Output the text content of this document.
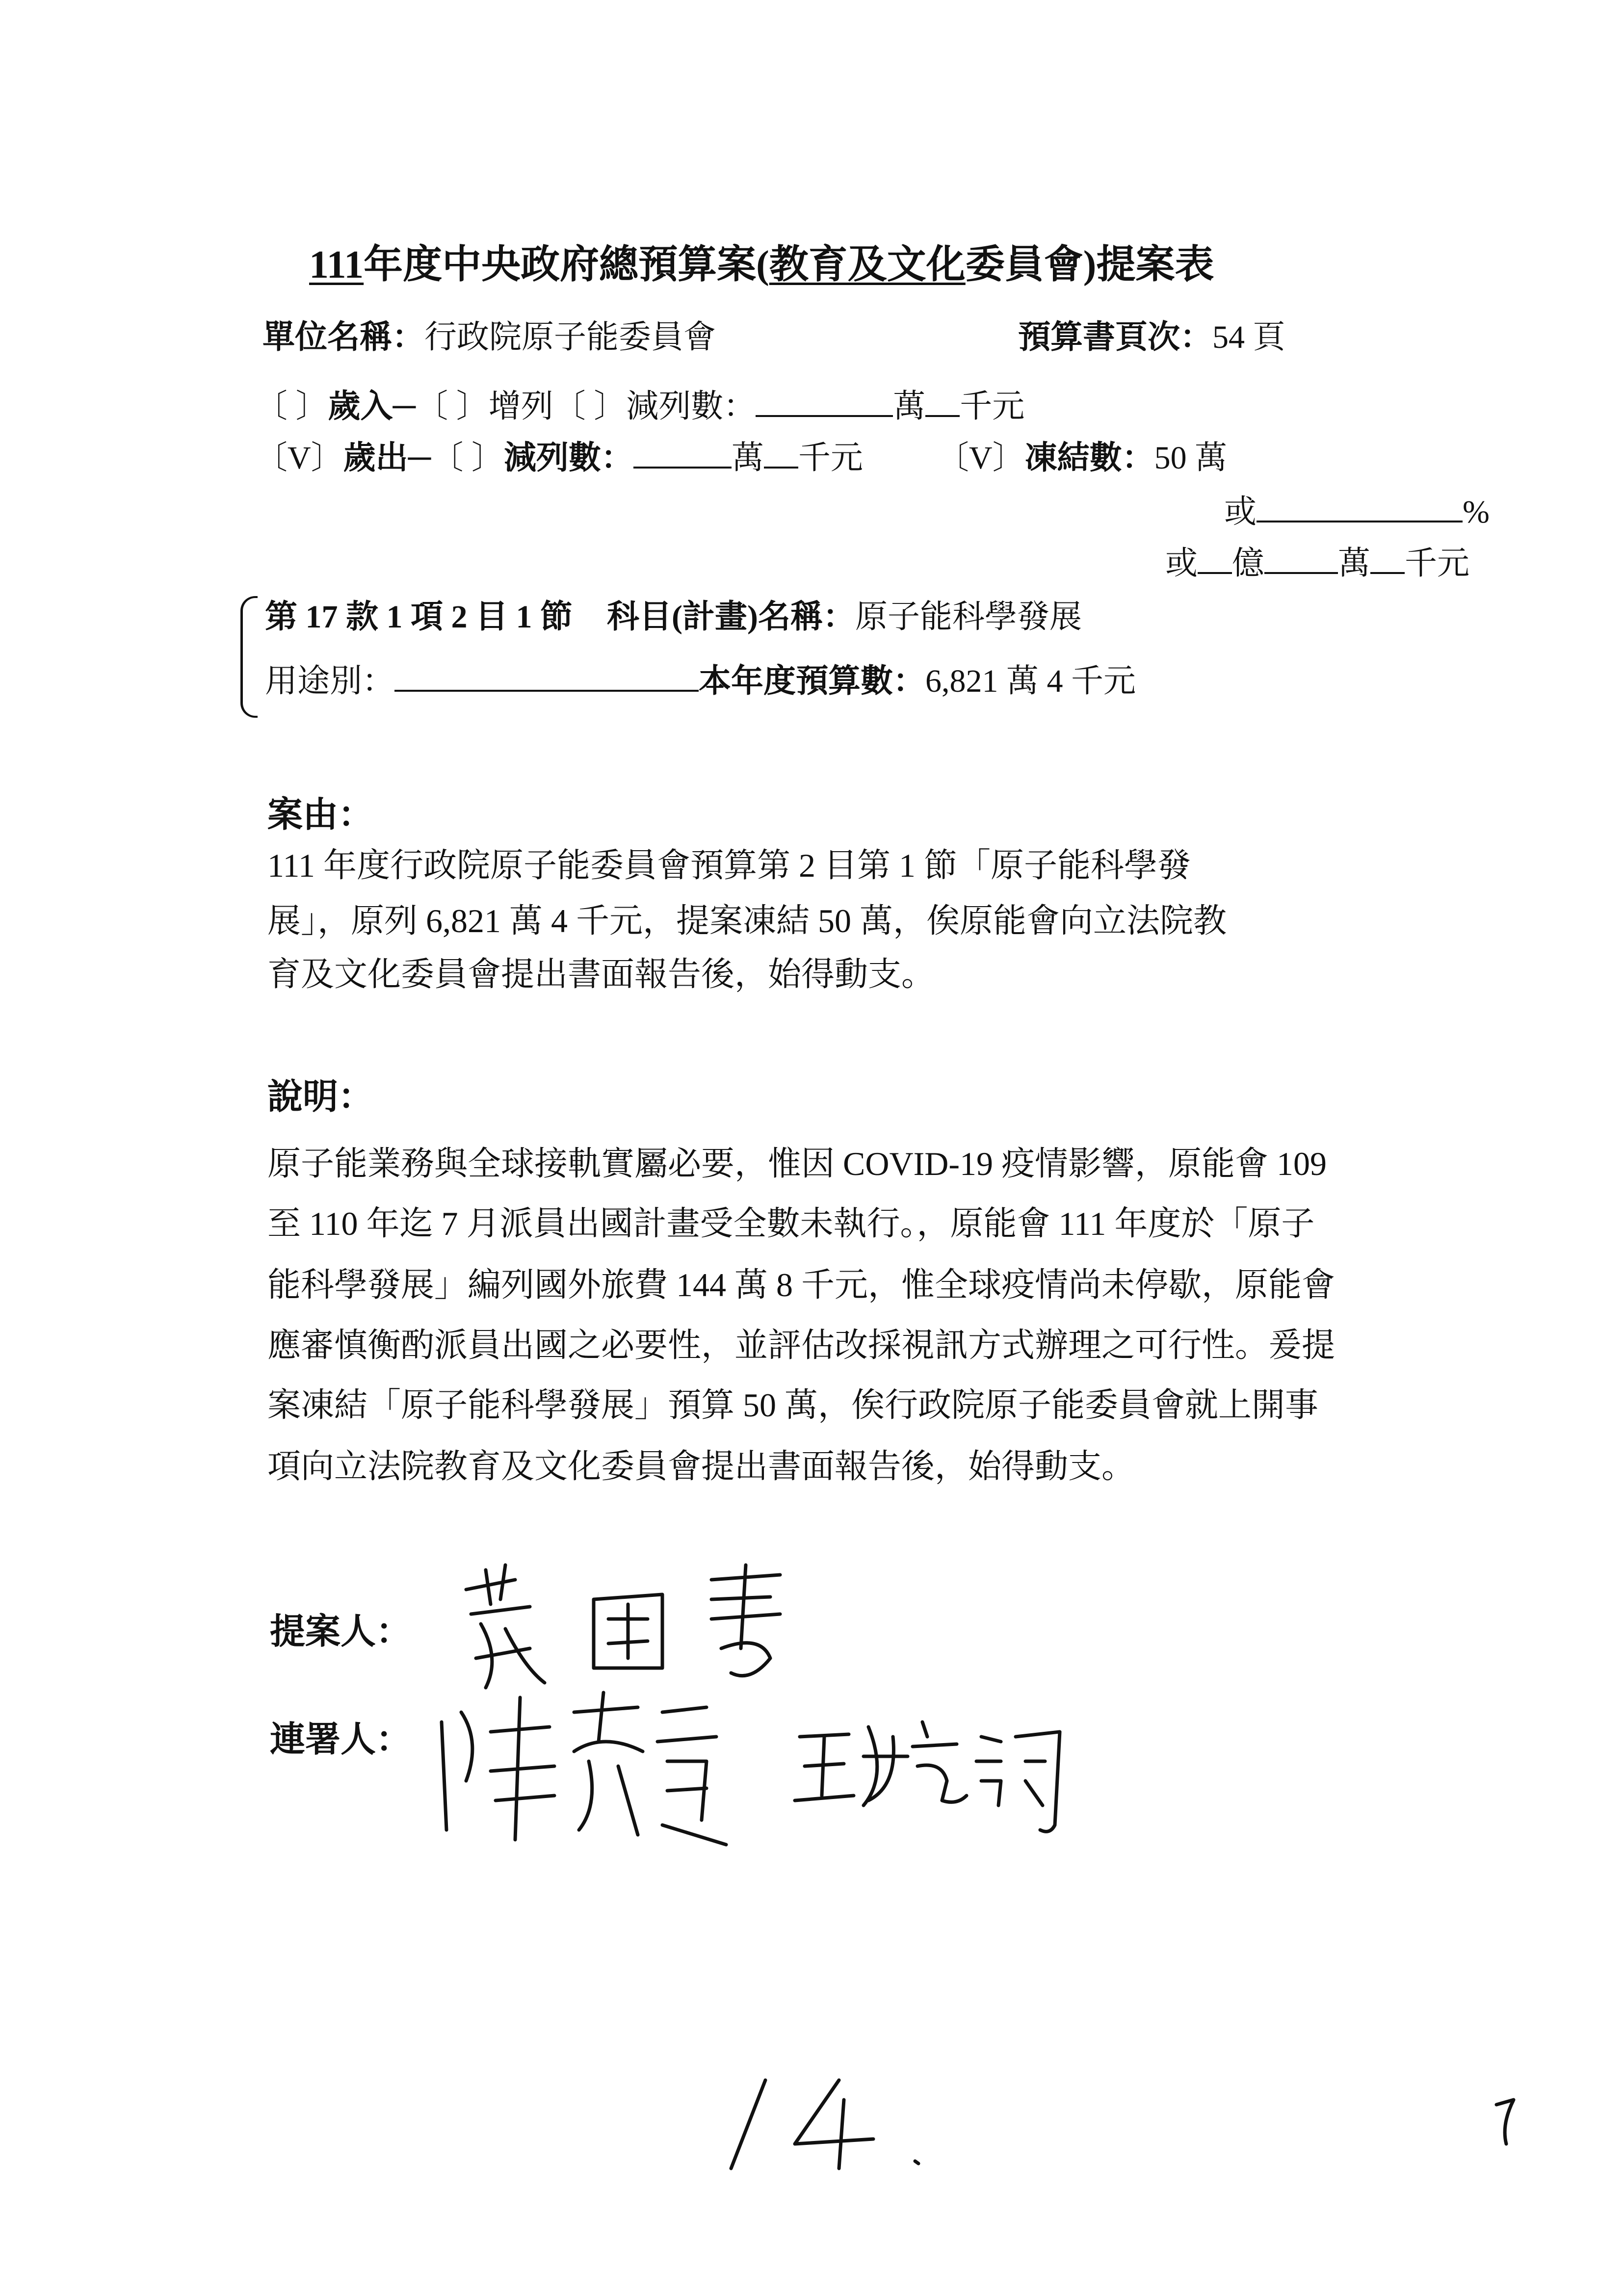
111年度中央政府總預算案(教育及文化委員會)提案表
單位名稱：行政院原子能委員會	預算書頁次：54 頁
〔 〕歲入─〔 〕增列〔 〕減列數：	萬 千元
〔V〕歲出─〔 〕減列數：	萬 千元 〔V〕凍結數：50 萬
或	%
或 億 萬 千元
第 17 款 1 項 2 目 1 節 科目(計畫)名稱：原子能科學發展
用途別：	本年度預算數：6,821 萬 4 千元
案由：
111 年度行政院原子能委員會預算第 2 目第 1 節「原子能科學發
展」，原列 6,821 萬 4 千元，提案凍結 50 萬，俟原能會向立法院教
育及文化委員會提出書面報告後，始得動支。
說明：
原子能業務與全球接軌實屬必要，惟因 COVID-19 疫情影響，原能會 109
至 110 年迄 7 月派員出國計畫受全數未執行。，原能會 111 年度於「原子
能科學發展」編列國外旅費 144 萬 8 千元，惟全球疫情尚未停歇，原能會
應審慎衡酌派員出國之必要性，並評估改採視訊方式辦理之可行性。爰提
案凍結「原子能科學發展」預算 50 萬，俟行政院原子能委員會就上開事
項向立法院教育及文化委員會提出書面報告後，始得動支。
提案人：
連署人：
